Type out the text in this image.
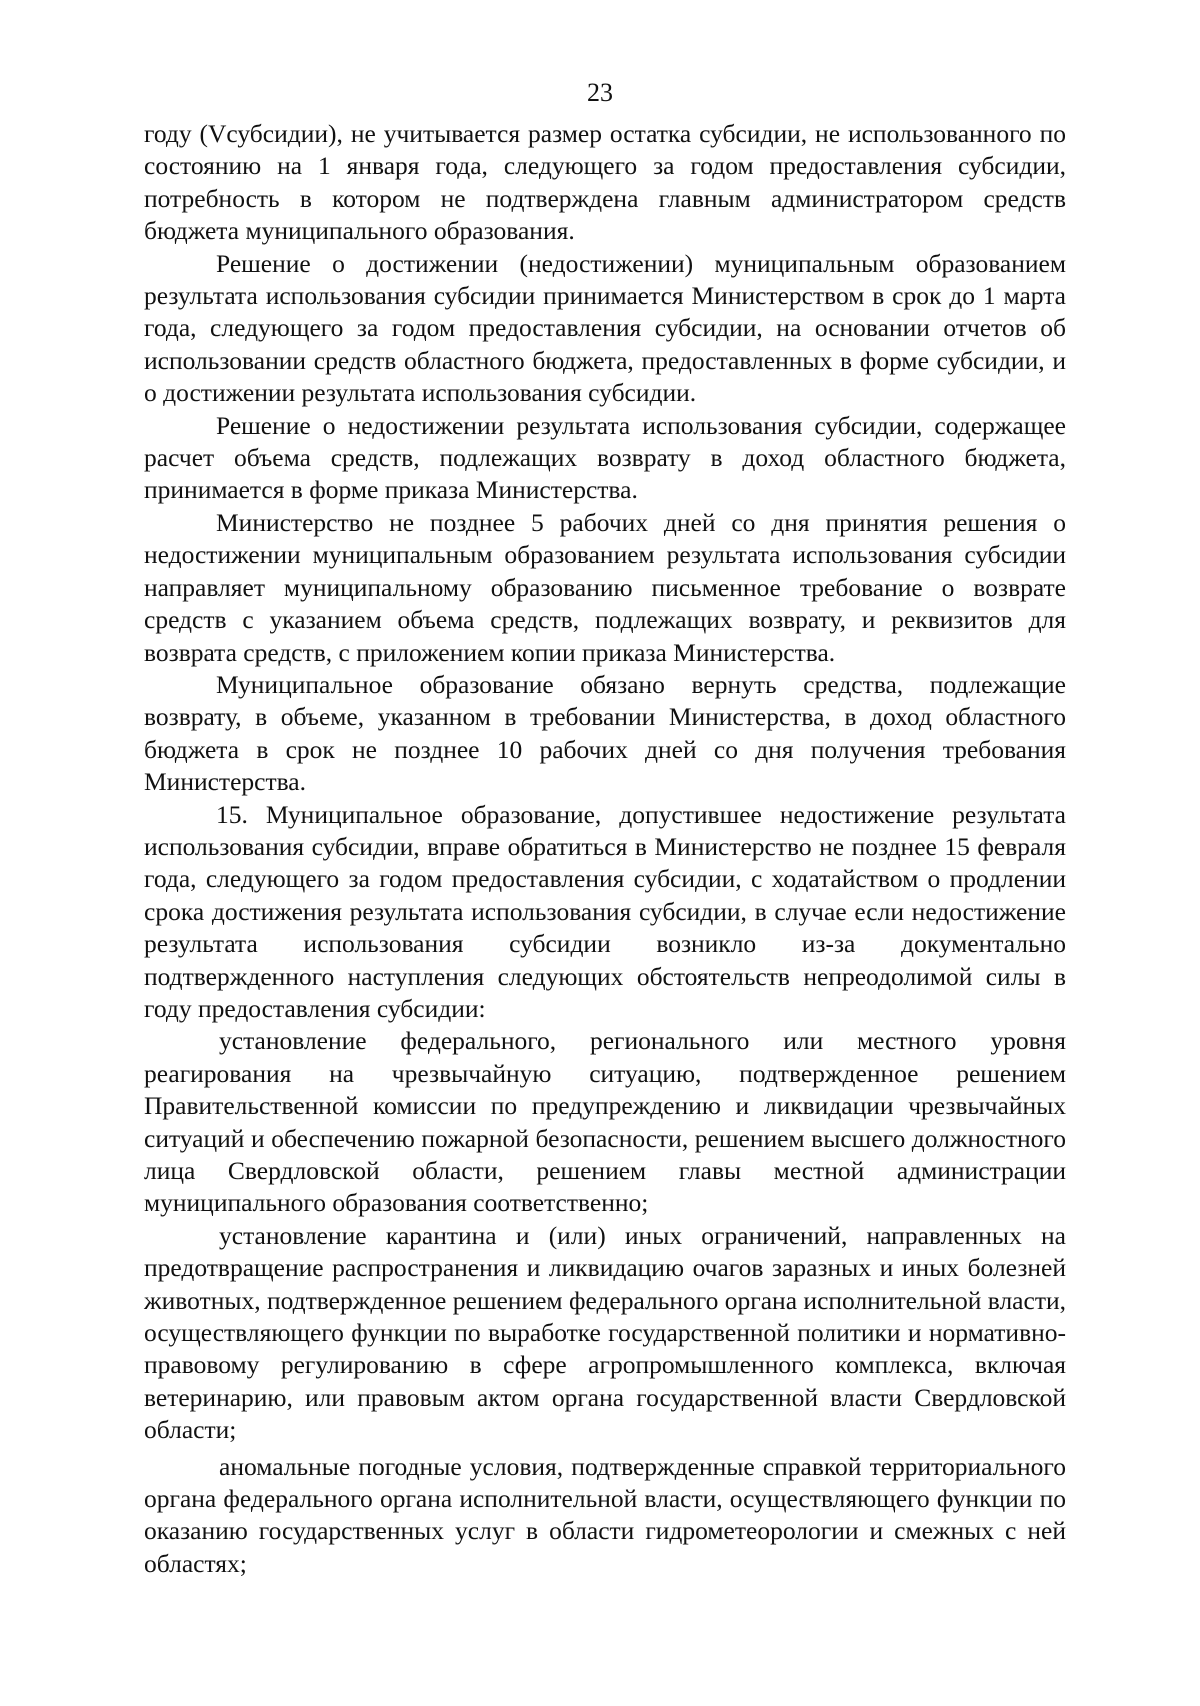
23

году (Vсубсидии), не учитывается размер остатка субсидии, не использованного по состоянию на 1 января года, следующего за годом предоставления субсидии, потребность в котором не подтверждена главным администратором средств бюджета муниципального образования.

Решение о достижении (недостижении) муниципальным образованием результата использования субсидии принимается Министерством в срок до 1 марта года, следующего за годом предоставления субсидии, на основании отчетов об использовании средств областного бюджета, предоставленных в форме субсидии, и о достижении результата использования субсидии.

Решение о недостижении результата использования субсидии, содержащее расчет объема средств, подлежащих возврату в доход областного бюджета, принимается в форме приказа Министерства.

Министерство не позднее 5 рабочих дней со дня принятия решения о недостижении муниципальным образованием результата использования субсидии направляет муниципальному образованию письменное требование о возврате средств с указанием объема средств, подлежащих возврату, и реквизитов для возврата средств, с приложением копии приказа Министерства.

Муниципальное образование обязано вернуть средства, подлежащие возврату, в объеме, указанном в требовании Министерства, в доход областного бюджета в срок не позднее 10 рабочих дней со дня получения требования Министерства.

15. Муниципальное образование, допустившее недостижение результата использования субсидии, вправе обратиться в Министерство не позднее 15 февраля года, следующего за годом предоставления субсидии, с ходатайством о продлении срока достижения результата использования субсидии, в случае если недостижение результата использования субсидии возникло из-за документально подтвержденного наступления следующих обстоятельств непреодолимой силы в году предоставления субсидии:

установление федерального, регионального или местного уровня реагирования на чрезвычайную ситуацию, подтвержденное решением Правительственной комиссии по предупреждению и ликвидации чрезвычайных ситуаций и обеспечению пожарной безопасности, решением высшего должностного лица Свердловской области, решением главы местной администрации муниципального образования соответственно;

установление карантина и (или) иных ограничений, направленных на предотвращение распространения и ликвидацию очагов заразных и иных болезней животных, подтвержденное решением федерального органа исполнительной власти, осуществляющего функции по выработке государственной политики и нормативно-правовому регулированию в сфере агропромышленного комплекса, включая ветеринарию, или правовым актом органа государственной власти Свердловской области;

аномальные погодные условия, подтвержденные справкой территориального органа федерального органа исполнительной власти, осуществляющего функции по оказанию государственных услуг в области гидрометеорологии и смежных с ней областях;
